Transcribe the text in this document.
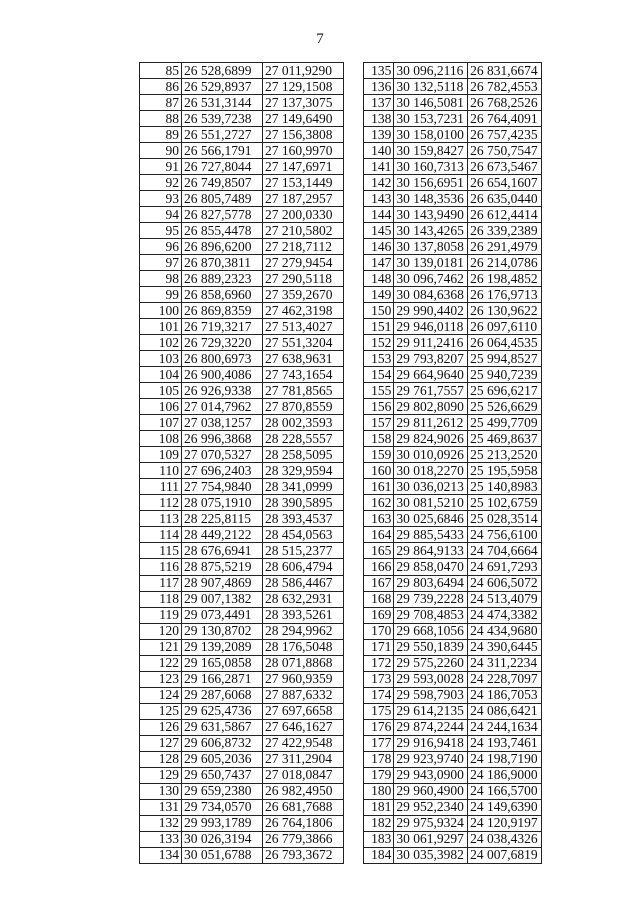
7
85	26 528,6899	27 011,9290
86	26 529,8937	27 129,1508
87	26 531,3144	27 137,3075
88	26 539,7238	27 149,6490
89	26 551,2727	27 156,3808
90	26 566,1791	27 160,9970
91	26 727,8044	27 147,6971
92	26 749,8507	27 153,1449
93	26 805,7489	27 187,2957
94	26 827,5778	27 200,0330
95	26 855,4478	27 210,5802
96	26 896,6200	27 218,7112
97	26 870,3811	27 279,9454
98	26 889,2323	27 290,5118
99	26 858,6960	27 359,2670
100	26 869,8359	27 462,3198
101	26 719,3217	27 513,4027
102	26 729,3220	27 551,3204
103	26 800,6973	27 638,9631
104	26 900,4086	27 743,1654
105	26 926,9338	27 781,8565
106	27 014,7962	27 870,8559
107	27 038,1257	28 002,3593
108	26 996,3868	28 228,5557
109	27 070,5327	28 258,5095
110	27 696,2403	28 329,9594
111	27 754,9840	28 341,0999
112	28 075,1910	28 390,5895
113	28 225,8115	28 393,4537
114	28 449,2122	28 454,0563
115	28 676,6941	28 515,2377
116	28 875,5219	28 606,4794
117	28 907,4869	28 586,4467
118	29 007,1382	28 632,2931
119	29 073,4491	28 393,5261
120	29 130,8702	28 294,9962
121	29 139,2089	28 176,5048
122	29 165,0858	28 071,8868
123	29 166,2871	27 960,9359
124	29 287,6068	27 887,6332
125	29 625,4736	27 697,6658
126	29 631,5867	27 646,1627
127	29 606,8732	27 422,9548
128	29 605,2036	27 311,2904
129	29 650,7437	27 018,0847
130	29 659,2380	26 982,4950
131	29 734,0570	26 681,7688
132	29 993,1789	26 764,1806
133	30 026,3194	26 779,3866
134	30 051,6788	26 793,3672
135	30 096,2116	26 831,6674
136	30 132,5118	26 782,4553
137	30 146,5081	26 768,2526
138	30 153,7231	26 764,4091
139	30 158,0100	26 757,4235
140	30 159,8427	26 750,7547
141	30 160,7313	26 673,5467
142	30 156,6951	26 654,1607
143	30 148,3536	26 635,0440
144	30 143,9490	26 612,4414
145	30 143,4265	26 339,2389
146	30 137,8058	26 291,4979
147	30 139,0181	26 214,0786
148	30 096,7462	26 198,4852
149	30 084,6368	26 176,9713
150	29 990,4402	26 130,9622
151	29 946,0118	26 097,6110
152	29 911,2416	26 064,4535
153	29 793,8207	25 994,8527
154	29 664,9640	25 940,7239
155	29 761,7557	25 696,6217
156	29 802,8090	25 526,6629
157	29 811,2612	25 499,7709
158	29 824,9026	25 469,8637
159	30 010,0926	25 213,2520
160	30 018,2270	25 195,5958
161	30 036,0213	25 140,8983
162	30 081,5210	25 102,6759
163	30 025,6846	25 028,3514
164	29 885,5433	24 756,6100
165	29 864,9133	24 704,6664
166	29 858,0470	24 691,7293
167	29 803,6494	24 606,5072
168	29 739,2228	24 513,4079
169	29 708,4853	24 474,3382
170	29 668,1056	24 434,9680
171	29 550,1839	24 390,6445
172	29 575,2260	24 311,2234
173	29 593,0028	24 228,7097
174	29 598,7903	24 186,7053
175	29 614,2135	24 086,6421
176	29 874,2244	24 244,1634
177	29 916,9418	24 193,7461
178	29 923,9740	24 198,7190
179	29 943,0900	24 186,9000
180	29 960,4900	24 166,5700
181	29 952,2340	24 149,6390
182	29 975,9324	24 120,9197
183	30 061,9297	24 038,4326
184	30 035,3982	24 007,6819
